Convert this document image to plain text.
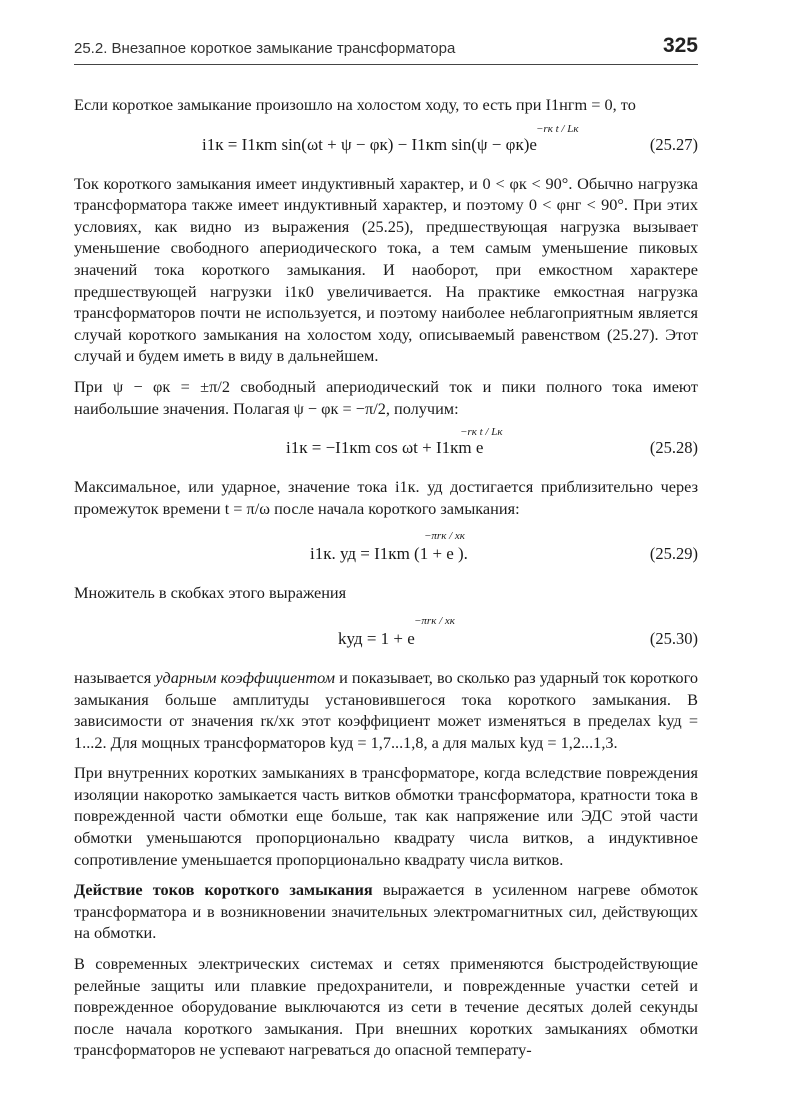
25.2. Внезапное короткое замыкание трансформатора	325

Если короткое замыкание произошло на холостом ходу, то есть при I1нгm = 0, то

i1к = I1кm sin(ωt + ψ − φк) − I1кm sin(ψ − φк)e
−rк t / Lк
(25.27)

Ток короткого замыкания имеет индуктивный характер, и 0 < φк < 90°. Обычно нагрузка трансформатора также имеет индуктивный характер, и поэтому 0 < φнг < 90°. При этих условиях, как видно из выражения (25.25), предшествующая нагрузка вызывает уменьшение свободного апериодического тока, а тем самым уменьшение пиковых значений тока короткого замыкания. И наоборот, при емкостном характере предшествующей нагрузки i1к0 увеличивается. На практике емкостная нагрузка трансформаторов почти не используется, и поэтому наиболее неблагоприятным является случай короткого замыкания на холостом ходу, описываемый равенством (25.27). Этот случай и будем иметь в виду в дальнейшем.

При ψ − φк = ±π/2 свободный апериодический ток и пики полного тока имеют наибольшие значения. Полагая ψ − φк = −π/2, получим:

i1к = −I1кm cos ωt + I1кm e
−rк t / Lк
(25.28)

Максимальное, или ударное, значение тока i1к. уд достигается приблизительно через промежуток времени t = π/ω после начала короткого замыкания:

i1к. уд = I1кm (1 + e
−πrк / xк
).	(25.29)

Множитель в скобках этого выражения

kуд = 1 + e
−πrк / xк
(25.30)

называется ударным коэффициентом и показывает, во сколько раз ударный ток короткого замыкания больше амплитуды установившегося тока короткого замыкания. В зависимости от значения rк/xк этот коэффициент может изменяться в пределах kуд = 1...2. Для мощных трансформаторов kуд = 1,7...1,8, а для малых kуд = 1,2...1,3.

При внутренних коротких замыканиях в трансформаторе, когда вследствие повреждения изоляции накоротко замыкается часть витков обмотки трансформатора, кратности тока в поврежденной части обмотки еще больше, так как напряжение или ЭДС этой части обмотки уменьшаются пропорционально квадрату числа витков, а индуктивное сопротивление уменьшается пропорционально квадрату числа витков.

Действие токов короткого замыкания выражается в усиленном нагреве обмоток трансформатора и в возникновении значительных электромагнитных сил, действующих на обмотки.

В современных электрических системах и сетях применяются быстродействующие релейные защиты или плавкие предохранители, и поврежденные участки сетей и поврежденное оборудование выключаются из сети в течение десятых долей секунды после начала короткого замыкания. При внешних коротких замыканиях обмотки трансформаторов не успевают нагреваться до опасной температу-
